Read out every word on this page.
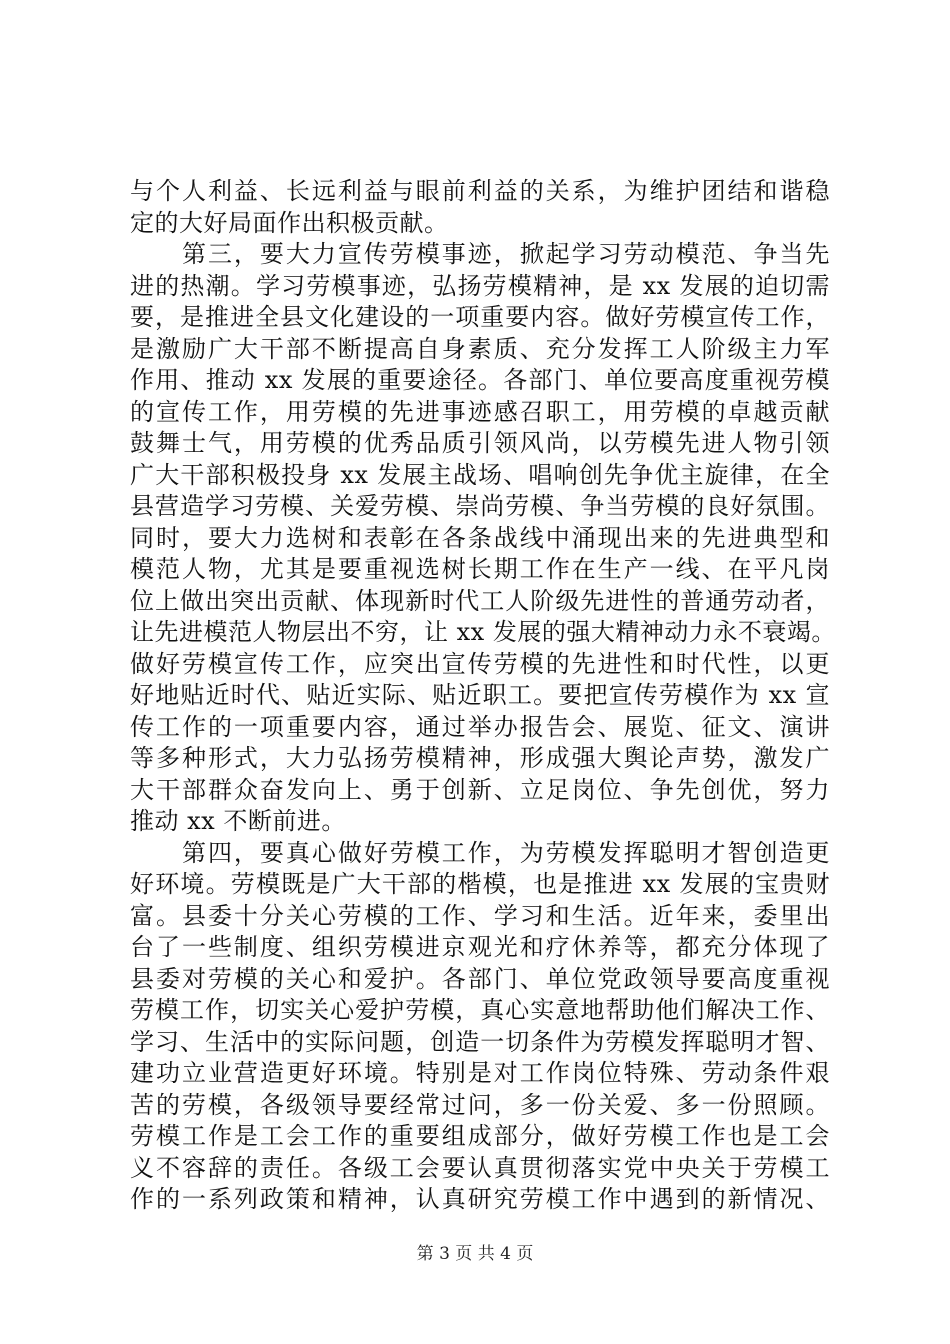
与个人利益、长远利益与眼前利益的关系，为维护团结和谐稳
定的大好局面作出积极贡献。
　　第三，要大力宣传劳模事迹，掀起学习劳动模范、争当先
进的热潮。学习劳模事迹，弘扬劳模精神，是 xx 发展的迫切需
要，是推进全县文化建设的一项重要内容。做好劳模宣传工作，
是激励广大干部不断提高自身素质、充分发挥工人阶级主力军
作用、推动 xx 发展的重要途径。各部门、单位要高度重视劳模
的宣传工作，用劳模的先进事迹感召职工，用劳模的卓越贡献
鼓舞士气，用劳模的优秀品质引领风尚，以劳模先进人物引领
广大干部积极投身 xx 发展主战场、唱响创先争优主旋律，在全
县营造学习劳模、关爱劳模、崇尚劳模、争当劳模的良好氛围。
同时，要大力选树和表彰在各条战线中涌现出来的先进典型和
模范人物，尤其是要重视选树长期工作在生产一线、在平凡岗
位上做出突出贡献、体现新时代工人阶级先进性的普通劳动者，
让先进模范人物层出不穷，让 xx 发展的强大精神动力永不衰竭。
做好劳模宣传工作，应突出宣传劳模的先进性和时代性，以更
好地贴近时代、贴近实际、贴近职工。要把宣传劳模作为 xx 宣
传工作的一项重要内容，通过举办报告会、展览、征文、演讲
等多种形式，大力弘扬劳模精神，形成强大舆论声势，激发广
大干部群众奋发向上、勇于创新、立足岗位、争先创优，努力
推动 xx 不断前进。
　　第四，要真心做好劳模工作，为劳模发挥聪明才智创造更
好环境。劳模既是广大干部的楷模，也是推进 xx 发展的宝贵财
富。县委十分关心劳模的工作、学习和生活。近年来，委里出
台了一些制度、组织劳模进京观光和疗休养等，都充分体现了
县委对劳模的关心和爱护。各部门、单位党政领导要高度重视
劳模工作，切实关心爱护劳模，真心实意地帮助他们解决工作、
学习、生活中的实际问题，创造一切条件为劳模发挥聪明才智、
建功立业营造更好环境。特别是对工作岗位特殊、劳动条件艰
苦的劳模，各级领导要经常过问，多一份关爱、多一份照顾。
劳模工作是工会工作的重要组成部分，做好劳模工作也是工会
义不容辞的责任。各级工会要认真贯彻落实党中央关于劳模工
作的一系列政策和精神，认真研究劳模工作中遇到的新情况、
第 3 页 共 4 页
